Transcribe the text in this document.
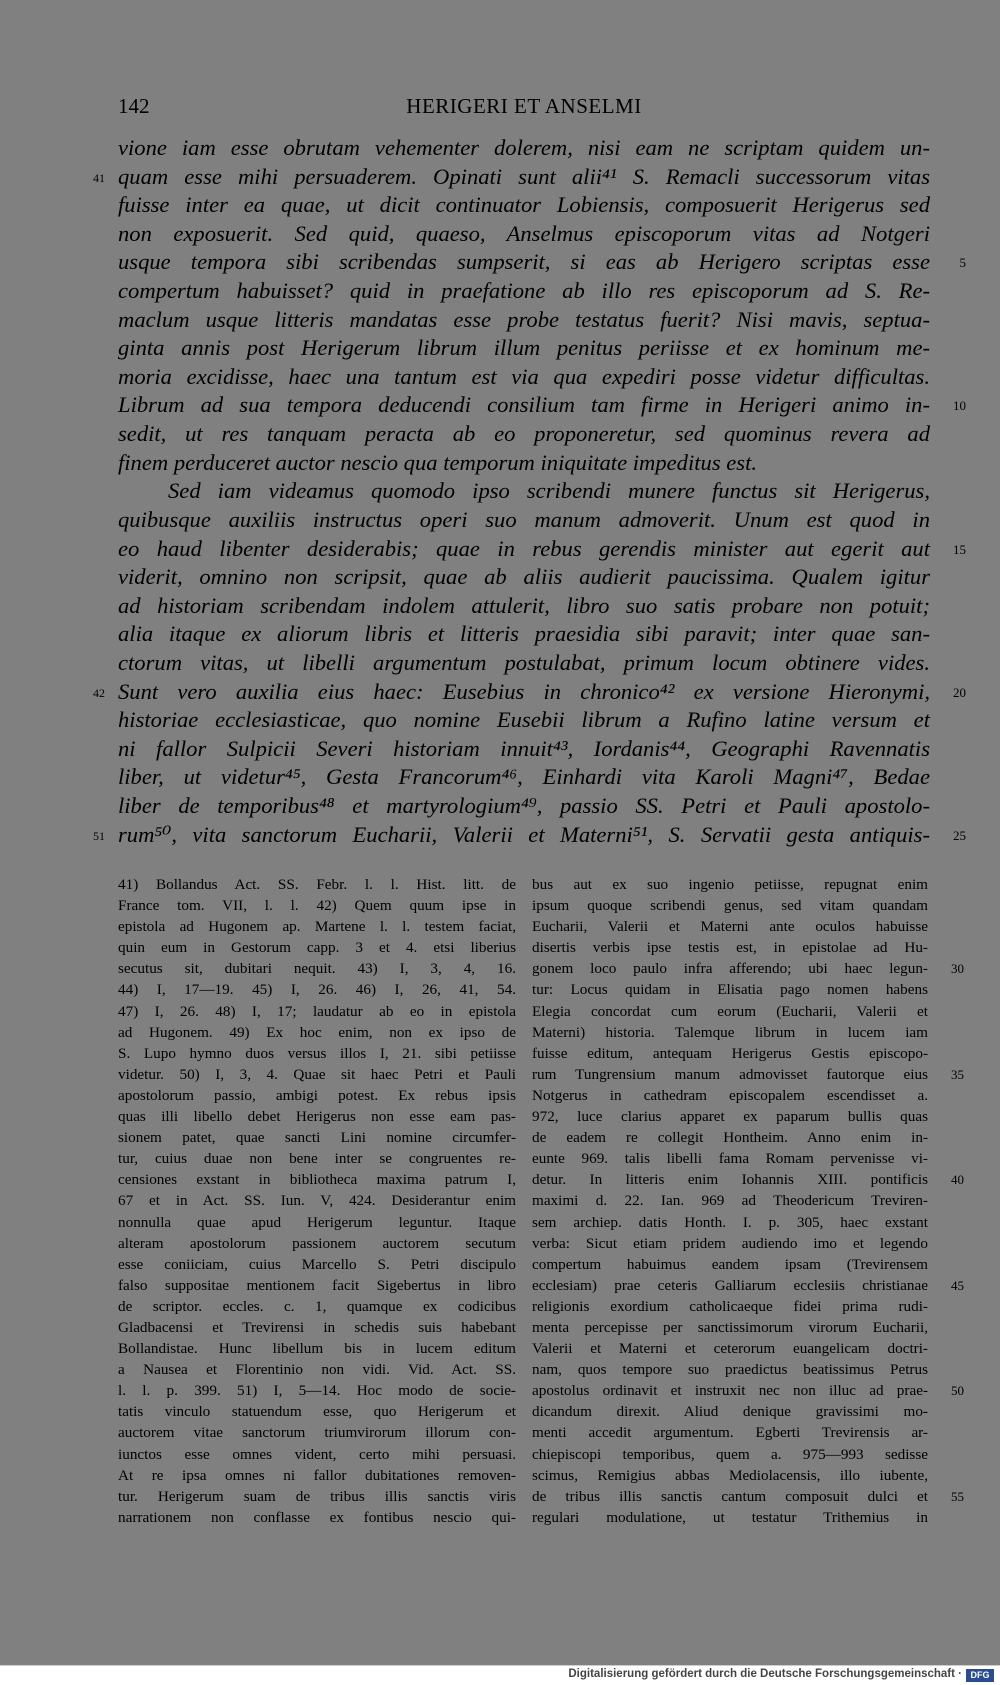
142	HERIGERI ET ANSELMI
vione iam esse obrutam vehementer dolerem, nisi eam ne scriptam quidem un-
quam esse mihi persuaderem. Opinati sunt alii⁴¹ S. Remacli successorum vitas
41
fuisse inter ea quae, ut dicit continuator Lobiensis, composuerit Herigerus sed
non exposuerit. Sed quid, quaeso, Anselmus episcoporum vitas ad Notgeri
usque tempora sibi scribendas sumpserit, si eas ab Herigero scriptas esse 5
compertum habuisset? quid in praefatione ab illo res episcoporum ad S. Re-
maclum usque litteris mandatas esse probe testatus fuerit? Nisi mavis, septua-
ginta annis post Herigerum librum illum penitus periisse et ex hominum me-
moria excidisse, haec una tantum est via qua expediri posse videtur difficultas.
Librum ad sua tempora deducendi consilium tam firme in Herigeri animo in- 10
sedit, ut res tanquam peracta ab eo proponeretur, sed quominus revera ad
finem perduceret auctor nescio qua temporum iniquitate impeditus est.
Sed iam videamus quomodo ipso scribendi munere functus sit Herigerus,
quibusque auxiliis instructus operi suo manum admoverit. Unum est quod in
eo haud libenter desiderabis; quae in rebus gerendis minister aut egerit aut 15
viderit, omnino non scripsit, quae ab aliis audierit paucissima. Qualem igitur
ad historiam scribendam indolem attulerit, libro suo satis probare non potuit;
alia itaque ex aliorum libris et litteris praesidia sibi paravit; inter quae san-
ctorum vitas, ut libelli argumentum postulabat, primum locum obtinere vides.
Sunt vero auxilia eius haec: Eusebius in chronico⁴² ex versione Hieronymi,
42	20
historiae ecclesiasticae, quo nomine Eusebii librum a Rufino latine versum et
ni fallor Sulpicii Severi historiam innuit⁴³, Iordanis⁴⁴, Geographi Ravennatis
liber, ut videtur⁴⁵, Gesta Francorum⁴⁶, Einhardi vita Karoli Magni⁴⁷, Bedae
liber de temporibus⁴⁸ et martyrologium⁴⁹, passio SS. Petri et Pauli apostolo-
rum⁵⁰, vita sanctorum Eucharii, Valerii et Materni⁵¹, S. Servatii gesta antiquis-
51	25
41) Bollandus Act. SS. Febr. l. l. Hist. litt. de
France tom. VII, l. l. 42) Quem quum ipse in
epistola ad Hugonem ap. Martene l. l. testem faciat,
quin eum in Gestorum capp. 3 et 4. etsi liberius
secutus sit, dubitari nequit. 43) I, 3, 4, 16.
44) I, 17—19. 45) I, 26. 46) I, 26, 41, 54.
47) I, 26. 48) I, 17; laudatur ab eo in epistola
ad Hugonem. 49) Ex hoc enim, non ex ipso de
S. Lupo hymno duos versus illos I, 21. sibi petiisse
videtur. 50) I, 3, 4. Quae sit haec Petri et Pauli
apostolorum passio, ambigi potest. Ex rebus ipsis
quas illi libello debet Herigerus non esse eam pas-
sionem patet, quae sancti Lini nomine circumfer-
tur, cuius duae non bene inter se congruentes re-
censiones exstant in bibliotheca maxima patrum I,
67 et in Act. SS. Iun. V, 424. Desiderantur enim
nonnulla quae apud Herigerum leguntur. Itaque
alteram apostolorum passionem auctorem secutum
esse coniiciam, cuius Marcello S. Petri discipulo
falso suppositae mentionem facit Sigebertus in libro
de scriptor. eccles. c. 1, quamque ex codicibus
Gladbacensi et Trevirensi in schedis suis habebant
Bollandistae. Hunc libellum bis in lucem editum
a Nausea et Florentinio non vidi. Vid. Act. SS.
l. l. p. 399. 51) I, 5—14. Hoc modo de socie-
tatis vinculo statuendum esse, quo Herigerum et
auctorem vitae sanctorum triumvirorum illorum con-
iunctos esse omnes vident, certo mihi persuasi.
At re ipsa omnes ni fallor dubitationes removen-
tur. Herigerum suam de tribus illis sanctis viris
narrationem non conflasse ex fontibus nescio qui-
bus aut ex suo ingenio petiisse, repugnat enim
ipsum quoque scribendi genus, sed vitam quandam
Eucharii, Valerii et Materni ante oculos habuisse
disertis verbis ipse testis est, in epistolae ad Hu-
gonem loco paulo infra afferendo; ubi haec legun- 30
tur: Locus quidam in Elisatia pago nomen habens
Elegia concordat cum eorum (Eucharii, Valerii et
Materni) historia. Talemque librum in lucem iam
fuisse editum, antequam Herigerus Gestis episcopo-
rum Tungrensium manum admovisset fautorque eius 35
Notgerus in cathedram episcopalem escendisset a.
972, luce clarius apparet ex paparum bullis quas
de eadem re collegit Hontheim. Anno enim in-
eunte 969. talis libelli fama Romam pervenisse vi-
detur. In litteris enim Iohannis XIII. pontificis 40
maximi d. 22. Ian. 969 ad Theodericum Treviren-
sem archiep. datis Honth. I. p. 305, haec exstant
verba: Sicut etiam pridem audiendo imo et legendo
compertum habuimus eandem ipsam (Trevirensem
ecclesiam) prae ceteris Galliarum ecclesiis christianae 45
religionis exordium catholicaeque fidei prima rudi-
menta percepisse per sanctissimorum virorum Eucharii,
Valerii et Materni et ceterorum euangelicam doctri-
nam, quos tempore suo praedictus beatissimus Petrus
apostolus ordinavit et instruxit nec non illuc ad prae- 50
dicandum direxit. Aliud denique gravissimi mo-
menti accedit argumentum. Egberti Trevirensis ar-
chiepiscopi temporibus, quem a. 975—993 sedisse
scimus, Remigius abbas Mediolacensis, illo iubente,
de tribus illis sanctis cantum composuit dulci et 55
regulari modulatione, ut testatur Trithemius in
Digitalisierung gefördert durch die Deutsche Forschungsgemeinschaft · DFG
